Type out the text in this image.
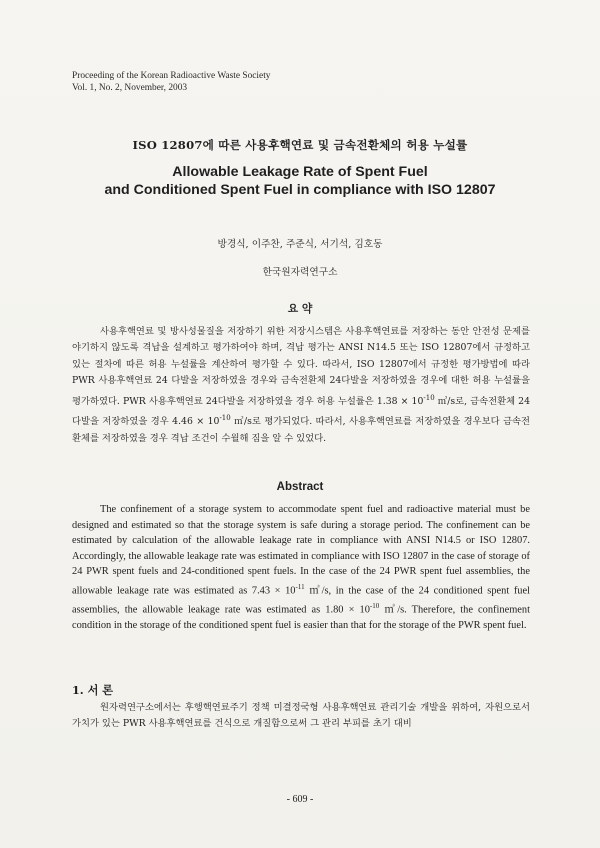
Proceeding of the Korean Radioactive Waste Society
Vol. 1, No. 2, November, 2003
ISO 12807에 따른 사용후핵연료 및 금속전환체의 허용 누설률
Allowable Leakage Rate of Spent Fuel
and Conditioned Spent Fuel in compliance with ISO 12807
방경식, 이주찬, 주준식, 서기석, 김호동
한국원자력연구소
요 약
사용후핵연료 및 방사성물질을 저장하기 위한 저장시스템은 사용후핵연료를 저장하는 동안 안전성 문제를 야기하지 않도록 격납을 설계하고 평가하여야 하며, 격납 평가는 ANSI N14.5 또는 ISO 12807에서 규정하고 있는 절차에 따른 허용 누설률을 계산하여 평가할 수 있다. 따라서, ISO 12807에서 규정한 평가방법에 따라 PWR 사용후핵연료 24 다발을 저장하였을 경우와 금속전환체 24다발을 저장하였을 경우에 대한 허용 누설률을 평가하였다. PWR 사용후핵연료 24다발을 저장하였을 경우 허용 누설률은 $1.38 \times 10^{-10}$ ㎥/s로, 금속전환체 24다발을 저장하였을 경우 $4.46 \times 10^{-10}$ ㎥/s로 평가되었다. 따라서, 사용후핵연료를 저장하였을 경우보다 금속전환체를 저장하였을 경우 격납 조건이 수월해 짐을 알 수 있었다.
Abstract
The confinement of a storage system to accommodate spent fuel and radioactive material must be designed and estimated so that the storage system is safe during a storage period. The confinement can be estimated by calculation of the allowable leakage rate in compliance with ANSI N14.5 or ISO 12807. Accordingly, the allowable leakage rate was estimated in compliance with ISO 12807 in the case of storage of 24 PWR spent fuels and 24-conditioned spent fuels. In the case of the 24 PWR spent fuel assemblies, the allowable leakage rate was estimated as $7.43 \times 10^{-11}$ ㎥/s, in the case of the 24 conditioned spent fuel assemblies, the allowable leakage rate was estimated as $1.80 \times 10^{-10}$ ㎥/s. Therefore, the confinement condition in the storage of the conditioned spent fuel is easier than that for the storage of the PWR spent fuel.
1. 서 론
원자력연구소에서는 후행핵연료주기 정책 미결정국형 사용후핵연료 관리기술 개발을 위하여, 자원으로서 가치가 있는 PWR 사용후핵연료를 건식으로 개질함으로써 그 관리 부피를 초기 대비
- 609 -
